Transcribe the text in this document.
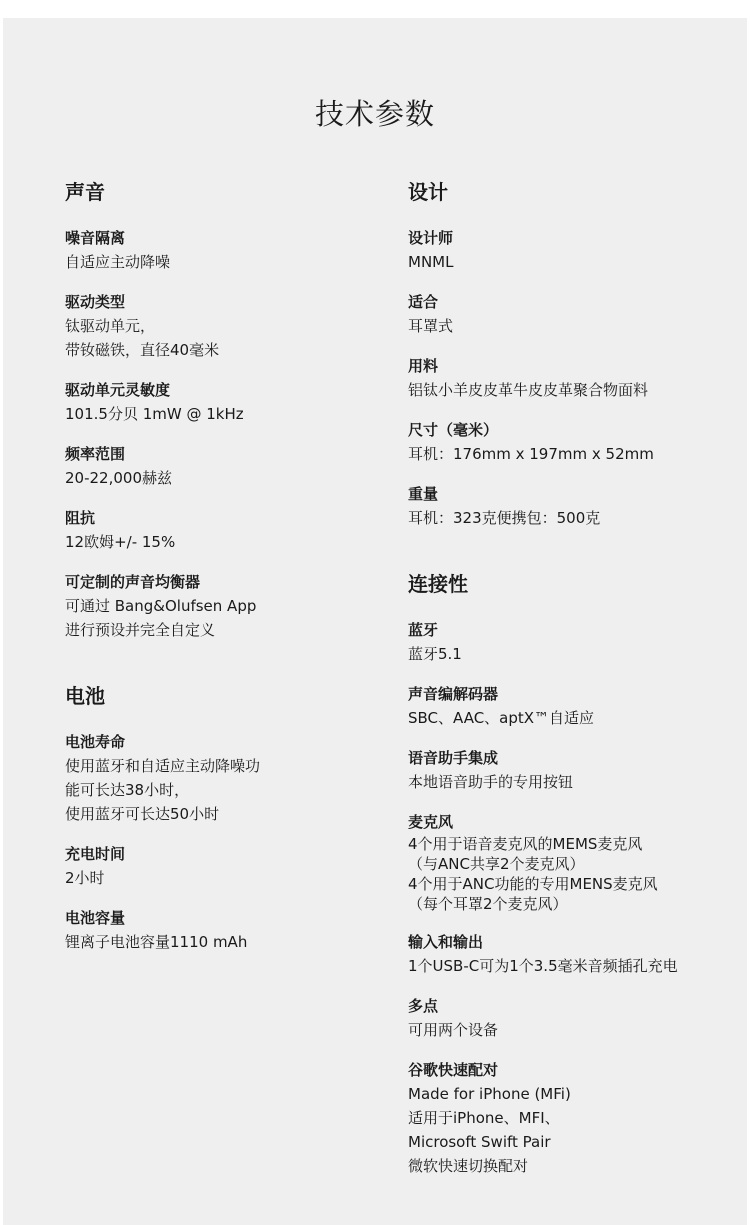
技术参数
声音
噪音隔离
自适应主动降噪
驱动类型
钛驱动单元，
带钕磁铁，直径40毫米
驱动单元灵敏度
101.5分贝 1mW @ 1kHz
频率范围
20-22,000赫兹
阻抗
12欧姆+/- 15%
可定制的声音均衡器
可通过 Bang&Olufsen App
进行预设并完全自定义
电池
电池寿命
使用蓝牙和自适应主动降噪功
能可长达38小时，
使用蓝牙可长达50小时
充电时间
2小时
电池容量
锂离子电池容量1110 mAh
设计
设计师
MNML
适合
耳罩式
用料
铝钛小羊皮皮革牛皮皮革聚合物面料
尺寸（毫米）
耳机：176mm x 197mm x 52mm
重量
耳机：323克便携包：500克
连接性
蓝牙
蓝牙5.1
声音编解码器
SBC、AAC、aptX™自适应
语音助手集成
本地语音助手的专用按钮
麦克风
4个用于语音麦克风的MEMS麦克风
（与ANC共享2个麦克风）
4个用于ANC功能的专用MENS麦克风
（每个耳罩2个麦克风）
输入和输出
1个USB-C可为1个3.5毫米音频插孔充电
多点
可用两个设备
谷歌快速配对
Made for iPhone (MFi)
适用于iPhone、MFI、
Microsoft Swift Pair
微软快速切换配对
